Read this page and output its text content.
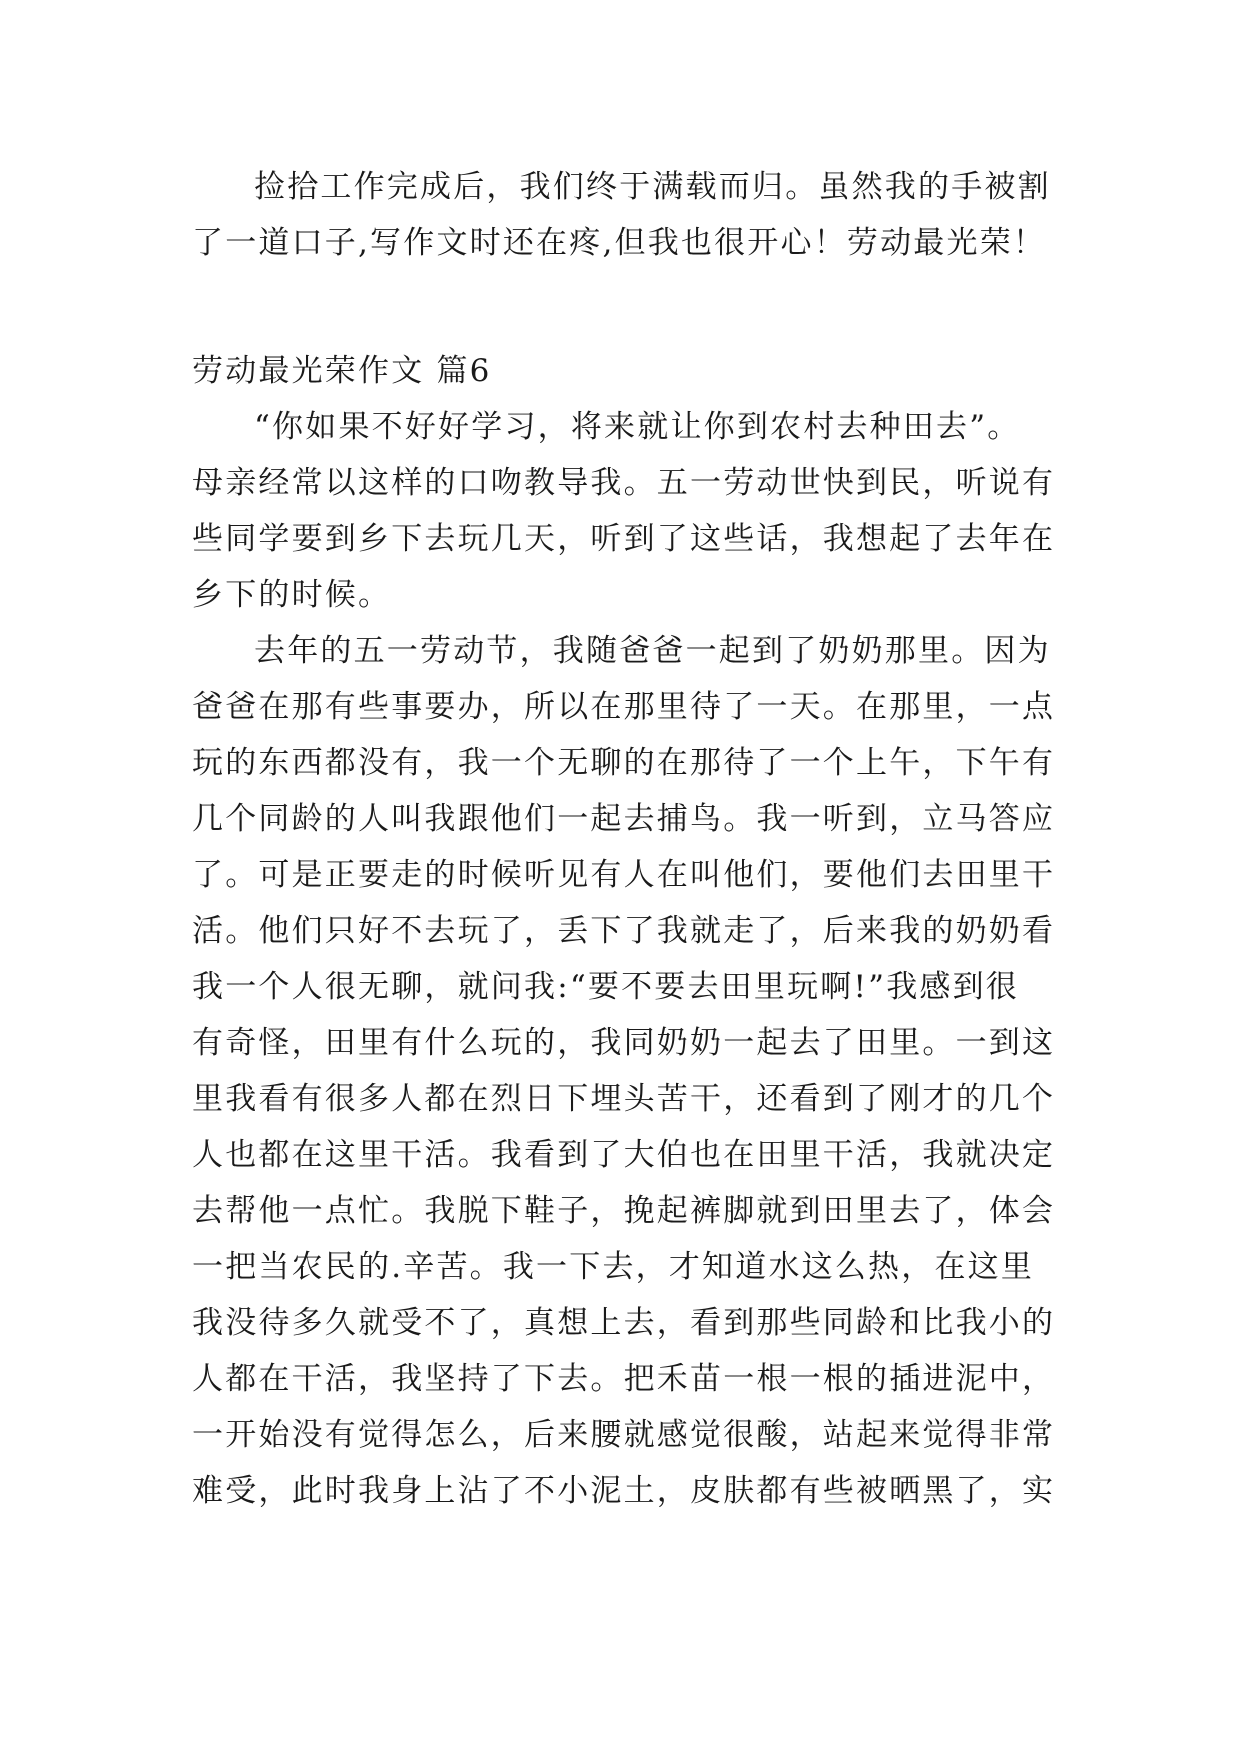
捡拾工作完成后，我们终于满载而归。虽然我的手被割
了一道口子,写作文时还在疼,但我也很开心！劳动最光荣！
劳动最光荣作文 篇6
“你如果不好好学习，将来就让你到农村去种田去”。
母亲经常以这样的口吻教导我。五一劳动世快到民，听说有
些同学要到乡下去玩几天，听到了这些话，我想起了去年在
乡下的时候。
去年的五一劳动节，我随爸爸一起到了奶奶那里。因为
爸爸在那有些事要办，所以在那里待了一天。在那里，一点
玩的东西都没有，我一个无聊的在那待了一个上午，下午有
几个同龄的人叫我跟他们一起去捕鸟。我一听到，立马答应
了。可是正要走的时候听见有人在叫他们，要他们去田里干
活。他们只好不去玩了，丢下了我就走了，后来我的奶奶看
我一个人很无聊，就问我:“要不要去田里玩啊!”我感到很
有奇怪，田里有什么玩的，我同奶奶一起去了田里。一到这
里我看有很多人都在烈日下埋头苦干，还看到了刚才的几个
人也都在这里干活。我看到了大伯也在田里干活，我就决定
去帮他一点忙。我脱下鞋子，挽起裤脚就到田里去了，体会
一把当农民的.辛苦。我一下去，才知道水这么热，在这里
我没待多久就受不了，真想上去，看到那些同龄和比我小的
人都在干活，我坚持了下去。把禾苗一根一根的插进泥中，
一开始没有觉得怎么，后来腰就感觉很酸，站起来觉得非常
难受，此时我身上沾了不小泥土，皮肤都有些被晒黑了，实
